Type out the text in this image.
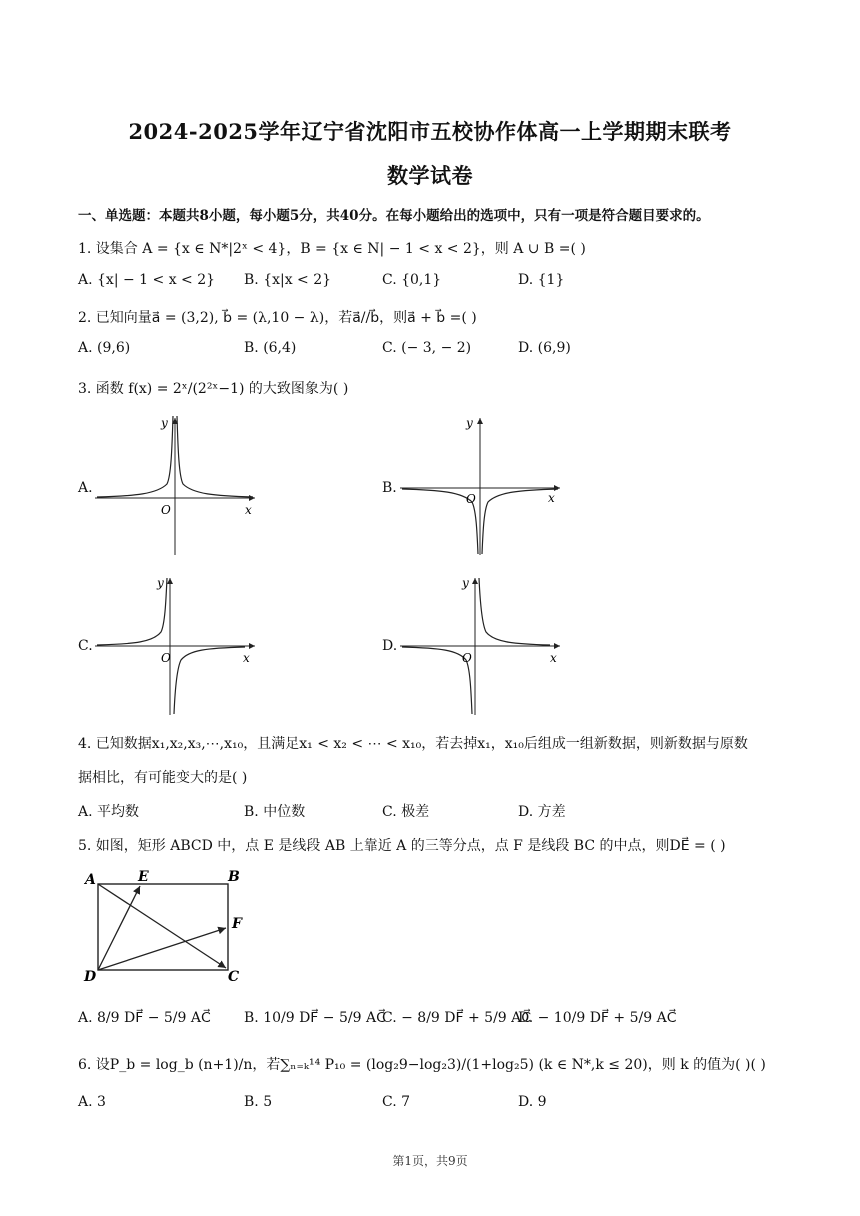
2024-2025学年辽宁省沈阳市五校协作体高一上学期期末联考
数学试卷
一、单选题：本题共8小题，每小题5分，共40分。在每小题给出的选项中，只有一项是符合题目要求的。
1. 设集合 A = {x ∈ N*|2ˣ < 4}，B = {x ∈ N| − 1 < x < 2}，则 A ∪ B =( )
A. {x| − 1 < x < 2} B. {x|x < 2}	C. {0,1}	D. {1}
2. 已知向量a⃗ = (3,2), b⃗ = (λ,10 − λ)，若a⃗//b⃗，则a⃗ + b⃗ =( )
A. (9,6)	B. (6,4)	C. (− 3, − 2)	D. (6,9)
3. 函数 f(x) = 2ˣ/(2²ˣ−1) 的大致图象为( )
A.	B.
C.	D.
y
O	x
y
O	x
y
O	x
y
O	x
4. 已知数据x₁,x₂,x₃,⋯,x₁₀，且满足x₁ < x₂ < ⋯ < x₁₀，若去掉x₁，x₁₀后组成一组新数据，则新数据与原数
据相比，有可能变大的是( )
A. 平均数	B. 中位数	C. 极差	D. 方差
5. 如图，矩形 ABCD 中，点 E 是线段 AB 上靠近 A 的三等分点，点 F 是线段 BC 的中点，则DE⃗ = ( )
A	E	B
F
D	C
A. 8/9 DF⃗ − 5/9 AC⃗ B. 10/9 DF⃗ − 5/9 AC⃗
C. − 8/9 DF⃗ + 5/9 AC⃗
D. − 10/9 DF⃗ + 5/9 AC⃗
6. 设P_b = log_b (n+1)/n，若∑ₙ₌ₖ¹⁴ P₁₀ = (log₂9−log₂3)/(1+log₂5) (k ∈ N*,k ≤ 20)，则 k 的值为( )( )
A. 3	B. 5	C. 7	D. 9
第1页，共9页
